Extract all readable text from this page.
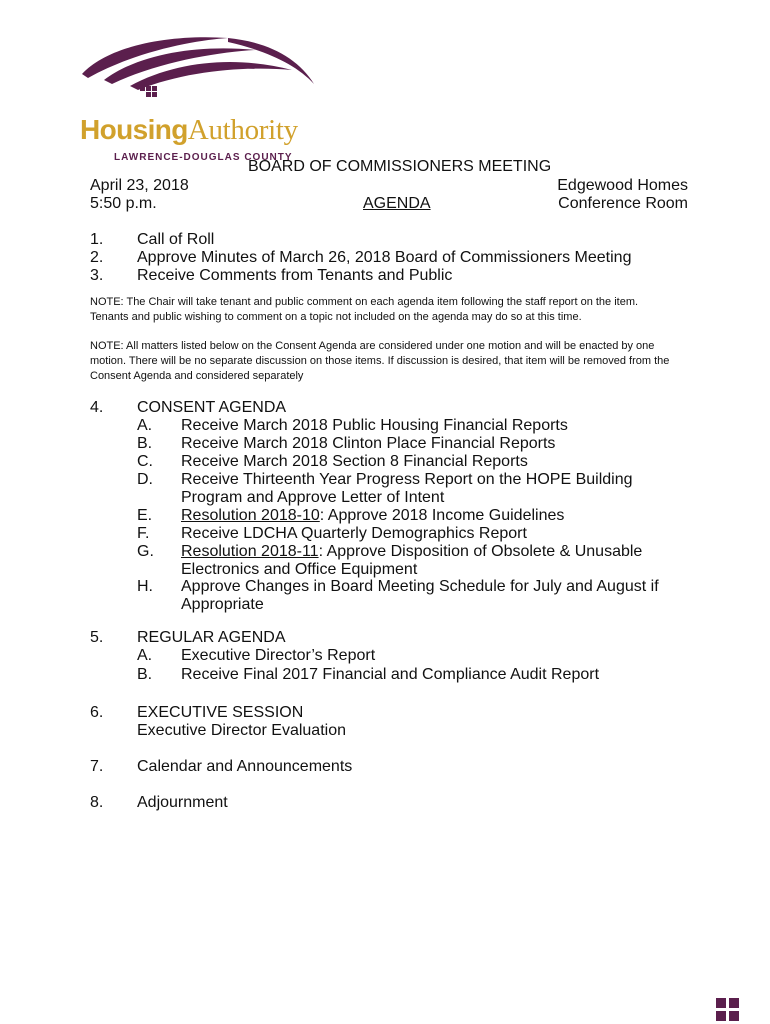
HousingAuthority
LAWRENCE-DOUGLAS COUNTY
BOARD OF COMMISSIONERS MEETING
April 23, 2018
5:50 p.m.	AGENDA
Edgewood Homes
Conference Room
1. Call of Roll
2. Approve Minutes of March 26, 2018 Board of Commissioners Meeting
3. Receive Comments from Tenants and Public
NOTE: The Chair will take tenant and public comment on each agenda item following the staff report on the item.
Tenants and public wishing to comment on a topic not included on the agenda may do so at this time.
NOTE: All matters listed below on the Consent Agenda are considered under one motion and will be enacted by one
motion. There will be no separate discussion on those items. If discussion is desired, that item will be removed from the
Consent Agenda and considered separately
4. CONSENT AGENDA
A. Receive March 2018 Public Housing Financial Reports
B. Receive March 2018 Clinton Place Financial Reports
C. Receive March 2018 Section 8 Financial Reports
D. Receive Thirteenth Year Progress Report on the HOPE Building
Program and Approve Letter of Intent
E. Resolution 2018-10: Approve 2018 Income Guidelines
F. Receive LDCHA Quarterly Demographics Report
G. Resolution 2018-11: Approve Disposition of Obsolete & Unusable
Electronics and Office Equipment
H. Approve Changes in Board Meeting Schedule for July and August if
Appropriate
5. REGULAR AGENDA
A. Executive Director’s Report
B. Receive Final 2017 Financial and Compliance Audit Report
6. EXECUTIVE SESSION
Executive Director Evaluation
7. Calendar and Announcements
8. Adjournment
